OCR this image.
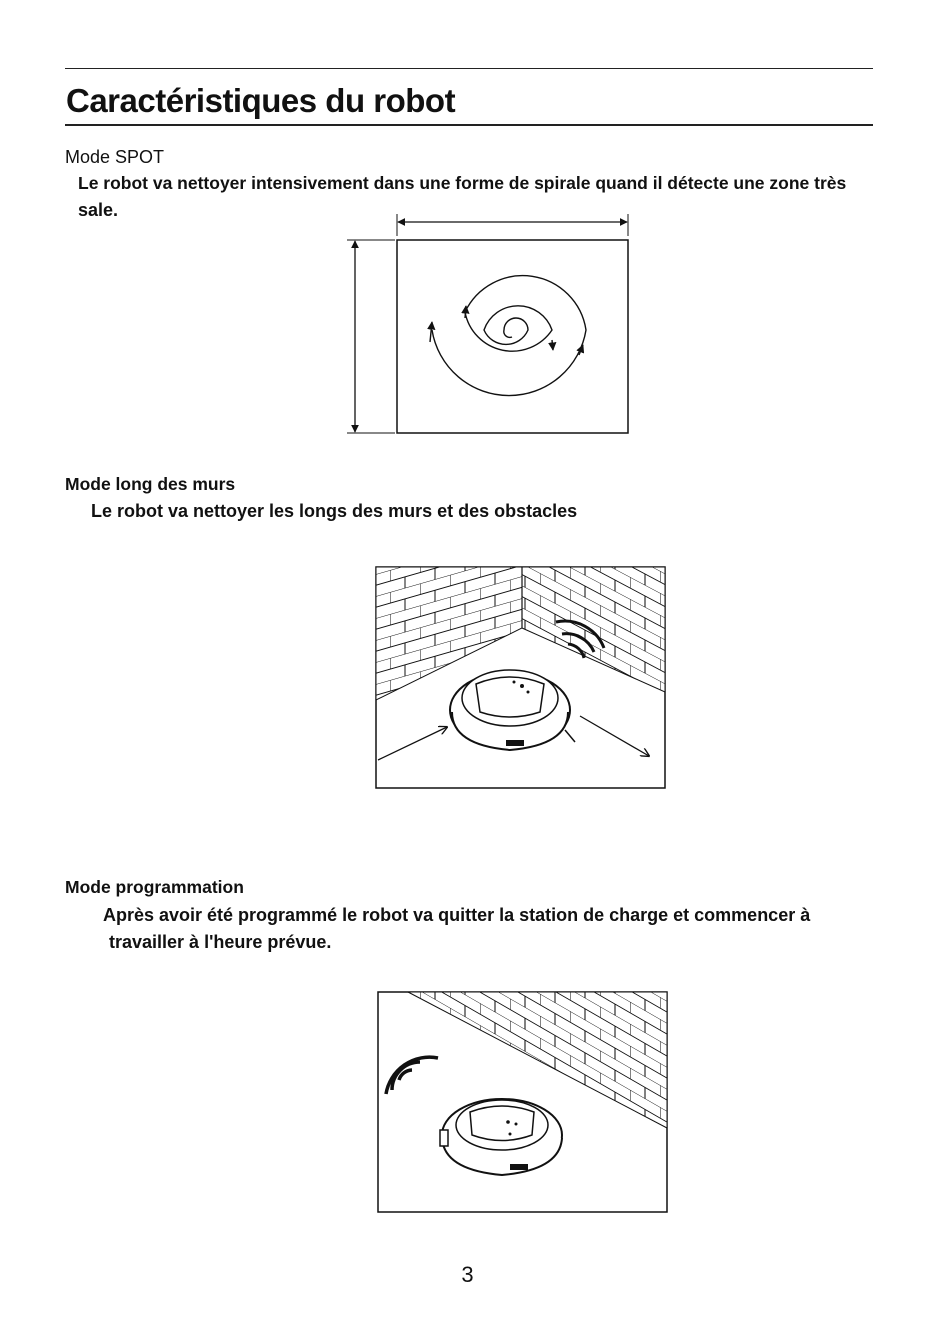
Caractéristiques du robot
Mode SPOT
Le robot va nettoyer intensivement dans une forme de spirale quand il détecte une zone très
sale.
Mode long des murs
Le robot va nettoyer les longs des murs et des obstacles
Mode programmation
Après avoir été programmé le robot va quitter la station de charge et commencer à
travailler à l'heure prévue.
3
